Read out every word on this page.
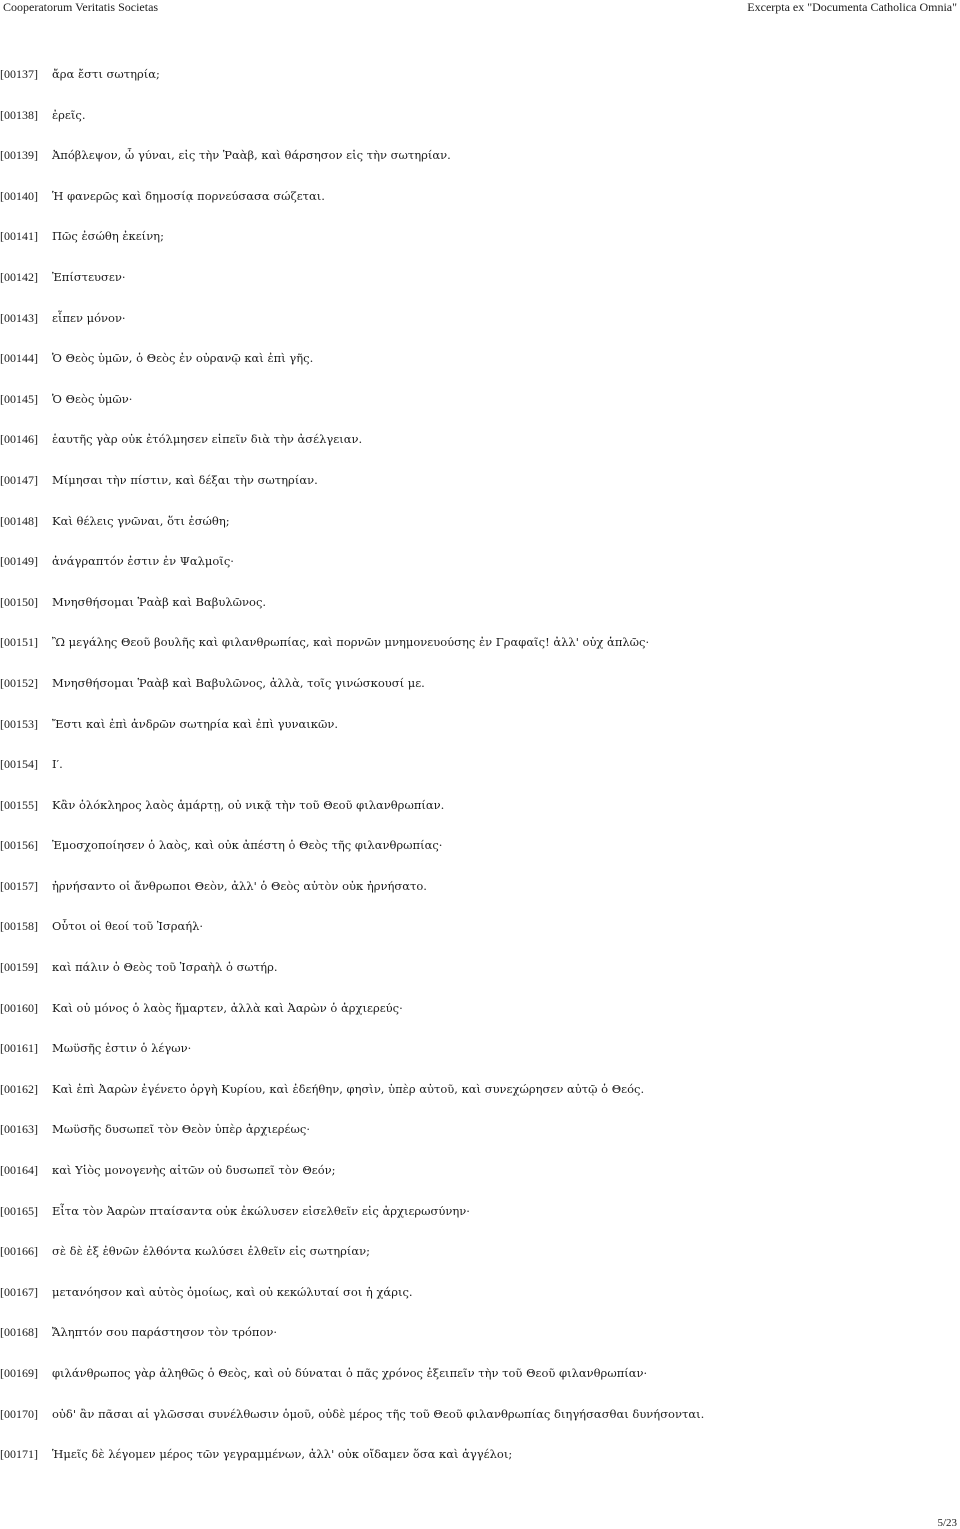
Cooperatorum Veritatis Societas	Excerpta ex "Documenta Catholica Omnia"
[00137] ἄρα ἔστι σωτηρία;
[00138] ἐρεῖς.
[00139] Ἀπόβλεψον, ὦ γύναι, εἰς τὴν Ῥαὰβ, καὶ θάρσησον εἰς τὴν σωτηρίαν.
[00140] Ἡ φανερῶς καὶ δημοσίᾳ πορνεύσασα σώζεται.
[00141] Πῶς ἐσώθη ἐκείνη;
[00142] Ἐπίστευσεν·
[00143] εἶπεν μόνον·
[00144] Ὁ Θεὸς ὑμῶν, ὁ Θεὸς ἐν οὐρανῷ καὶ ἐπὶ γῆς.
[00145] Ὁ Θεὸς ὑμῶν·
[00146] ἑαυτῆς γὰρ οὐκ ἐτόλμησεν εἰπεῖν διὰ τὴν ἀσέλγειαν.
[00147] Μίμησαι τὴν πίστιν, καὶ δέξαι τὴν σωτηρίαν.
[00148] Καὶ θέλεις γνῶναι, ὅτι ἐσώθη;
[00149] ἀνάγραπτόν ἐστιν ἐν Ψαλμοῖς·
[00150] Μνησθήσομαι Ῥαὰβ καὶ Βαβυλῶνος.
[00151] Ὢ μεγάλης Θεοῦ βουλῆς καὶ φιλανθρωπίας, καὶ πορνῶν μνημονευούσης ἐν Γραφαῖς! ἀλλ' οὐχ ἁπλῶς·
[00152] Μνησθήσομαι Ῥαὰβ καὶ Βαβυλῶνος, ἀλλὰ, τοῖς γινώσκουσί με.
[00153] Ἔστι καὶ ἐπὶ ἀνδρῶν σωτηρία καὶ ἐπὶ γυναικῶν.
[00154] Ι′.
[00155] Κἂν ὁλόκληρος λαὸς ἁμάρτῃ, οὐ νικᾷ τὴν τοῦ Θεοῦ φιλανθρωπίαν.
[00156] Ἐμοσχοποίησεν ὁ λαὸς, καὶ οὐκ ἀπέστη ὁ Θεὸς τῆς φιλανθρωπίας·
[00157] ἠρνήσαντο οἱ ἄνθρωποι Θεὸν, ἀλλ' ὁ Θεὸς αὐτὸν οὐκ ἠρνήσατο.
[00158] Οὗτοι οἱ θεοί τοῦ Ἰσραήλ·
[00159] καὶ πάλιν ὁ Θεὸς τοῦ Ἰσραὴλ ὁ σωτήρ.
[00160] Καὶ οὐ μόνος ὁ λαὸς ἥμαρτεν, ἀλλὰ καὶ Ἀαρὼν ὁ ἀρχιερεύς·
[00161] Μωϋσῆς ἐστιν ὁ λέγων·
[00162] Καὶ ἐπὶ Ἀαρὼν ἐγένετο ὀργὴ Κυρίου, καὶ ἐδεήθην, φησὶν, ὑπὲρ αὐτοῦ, καὶ συνεχώρησεν αὐτῷ ὁ Θεός.
[00163] Μωϋσῆς δυσωπεῖ τὸν Θεὸν ὑπὲρ ἀρχιερέως·
[00164] καὶ Υἱὸς μονογενὴς αἰτῶν οὐ δυσωπεῖ τὸν Θεόν;
[00165] Εἶτα τὸν Ἀαρὼν πταίσαντα οὐκ ἐκώλυσεν εἰσελθεῖν εἰς ἀρχιερωσύνην·
[00166] σὲ δὲ ἐξ ἐθνῶν ἐλθόντα κωλύσει ἐλθεῖν εἰς σωτηρίαν;
[00167] μετανόησον καὶ αὐτὸς ὁμοίως, καὶ οὐ κεκώλυταί σοι ἡ χάρις.
[00168] Ἄληπτόν σου παράστησον τὸν τρόπον·
[00169] φιλάνθρωπος γὰρ ἀληθῶς ὁ Θεὸς, καὶ οὐ δύναται ὁ πᾶς χρόνος ἐξειπεῖν τὴν τοῦ Θεοῦ φιλανθρωπίαν·
[00170] οὐδ' ἂν πᾶσαι αἱ γλῶσσαι συνέλθωσιν ὁμοῦ, οὐδὲ μέρος τῆς τοῦ Θεοῦ φιλανθρωπίας διηγήσασθαι δυνήσονται.
[00171] Ἡμεῖς δὲ λέγομεν μέρος τῶν γεγραμμένων, ἀλλ' οὐκ οἴδαμεν ὅσα καὶ ἀγγέλοι;
5/23
